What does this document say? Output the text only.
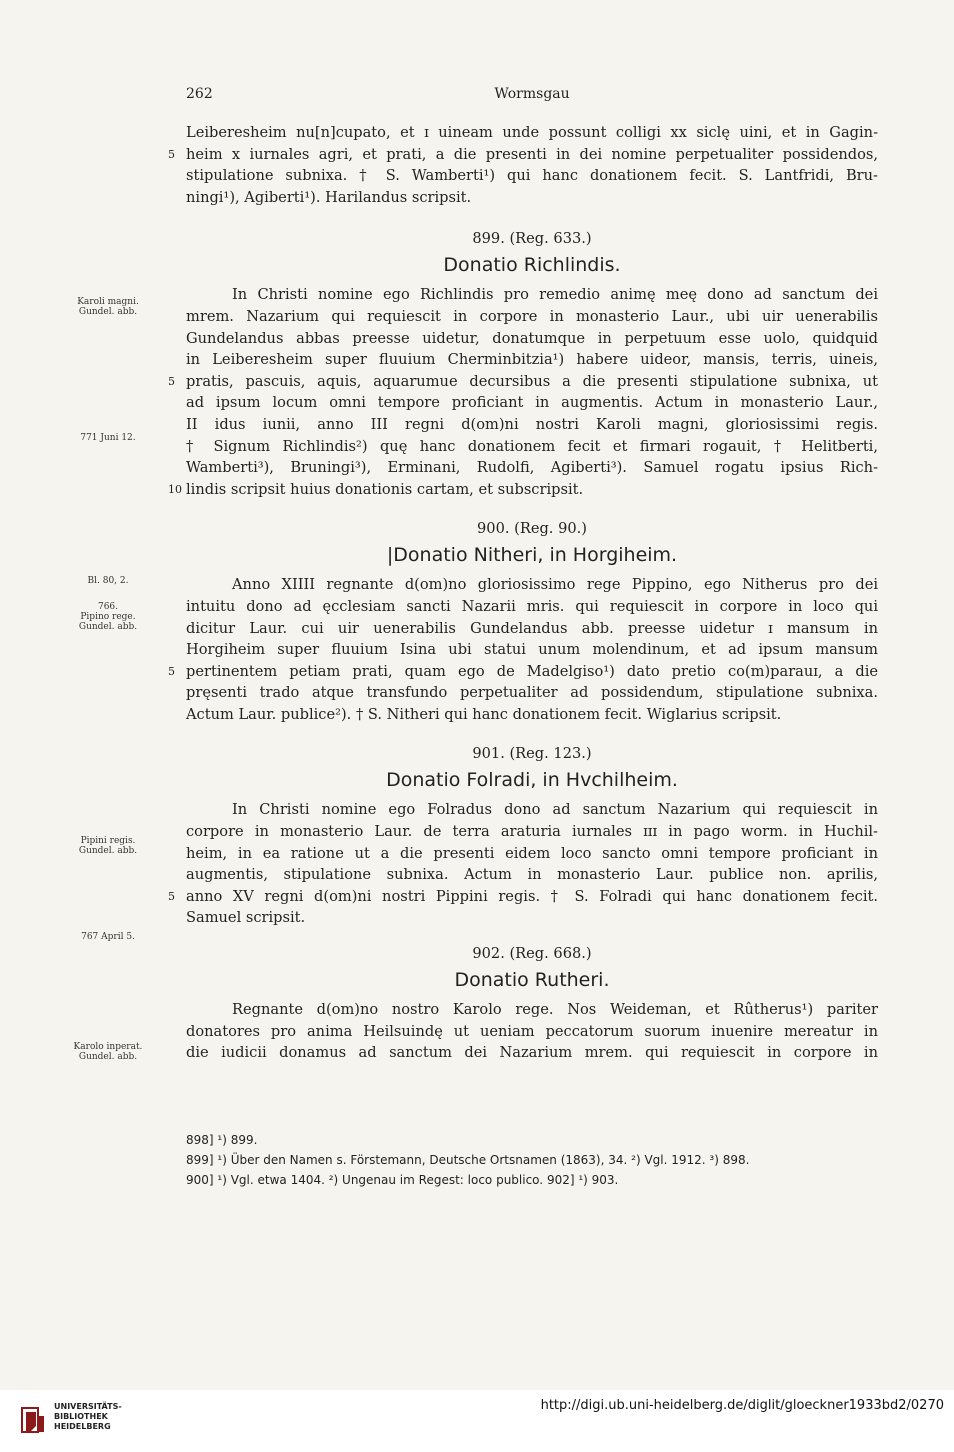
262	Wormsgau
Leiberesheim nu[n]cupato, et ɪ uineam unde possunt colligi xx siclę uini, et in Gagin-
5 heim x iurnales agri, et prati, a die presenti in dei nomine perpetualiter possidendos,
stipulatione subnixa. † S. Wamberti¹) qui hanc donationem fecit. S. Lantfridi, Bru-
ningi¹), Agiberti¹). Harilandus scripsit.
899. (Reg. 633.)
Donatio Richlindis.
In Christi nomine ego Richlindis pro remedio animę meę dono ad sanctum dei
mrem. Nazarium qui requiescit in corpore in monasterio Laur., ubi uir uenerabilis
Gundelandus abbas preesse uidetur, donatumque in perpetuum esse uolo, quidquid
in Leiberesheim super fluuium Cherminbitzia¹) habere uideor, mansis, terris, uineis,
5 pratis, pascuis, aquis, aquarumue decursibus a die presenti stipulatione subnixa, ut
ad ipsum locum omni tempore proficiant in augmentis. Actum in monasterio Laur.,
II idus iunii, anno III regni d(om)ni nostri Karoli magni, gloriosissimi regis.
† Signum Richlindis²) quę hanc donationem fecit et firmari rogauit, † Helitberti,
Wamberti³), Bruningi³), Erminani, Rudolfi, Agiberti³). Samuel rogatu ipsius Rich-
10 lindis scripsit huius donationis cartam, et subscripsit.
900. (Reg. 90.)
|Donatio Nitheri, in Horgiheim.
Anno XIIII regnante d(om)no gloriosissimo rege Pippino, ego Nitherus pro dei
intuitu dono ad ęcclesiam sancti Nazarii mris. qui requiescit in corpore in loco qui
dicitur Laur. cui uir uenerabilis Gundelandus abb. preesse uidetur ɪ mansum in
Horgiheim super fluuium Isina ubi statui unum molendinum, et ad ipsum mansum
5 pertinentem petiam prati, quam ego de Madelgiso¹) dato pretio co(m)parauɪ, a die
pręsenti trado atque transfundo perpetualiter ad possidendum, stipulatione subnixa.
Actum Laur. publice²). † S. Nitheri qui hanc donationem fecit. Wiglarius scripsit.
901. (Reg. 123.)
Donatio Folradi, in Hvchilheim.
In Christi nomine ego Folradus dono ad sanctum Nazarium qui requiescit in
corpore in monasterio Laur. de terra araturia iurnales ɪɪɪ in pago worm. in Huchil-
heim, in ea ratione ut a die presenti eidem loco sancto omni tempore proficiant in
augmentis, stipulatione subnixa. Actum in monasterio Laur. publice non. aprilis,
5 anno XV regni d(om)ni nostri Pippini regis. † S. Folradi qui hanc donationem fecit.
Samuel scripsit.
902. (Reg. 668.)
Donatio Rutheri.
Regnante d(om)no nostro Karolo rege. Nos Weideman, et Rûtherus¹) pariter
donatores pro anima Heilsuindę ut ueniam peccatorum suorum inuenire mereatur in
die iudicii donamus ad sanctum dei Nazarium mrem. qui requiescit in corpore in
Karoli magni.
Gundel. abb.
771 Juni 12.
Bl. 80, 2.
766.
Pipino rege.
Gundel. abb.
Pipini regis.
Gundel. abb.
767 April 5.
Karolo inperat.
Gundel. abb.
898] ¹) 899.
899] ¹) Über den Namen s. Förstemann, Deutsche Ortsnamen (1863), 34. ²) Vgl. 1912. ³) 898.
900] ¹) Vgl. etwa 1404. ²) Ungenau im Regest: loco publico. 902] ¹) 903.
UNIVERSITÄTS-
BIBLIOTHEK
HEIDELBERG
http://digi.ub.uni-heidelberg.de/diglit/gloeckner1933bd2/0270
